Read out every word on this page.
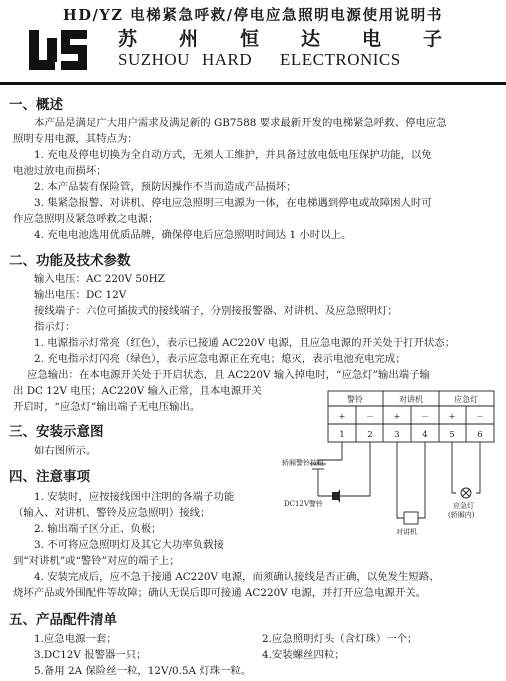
HD/YZ 电梯紧急呼救/停电应急照明电源使用说明书
苏州恒达电子
SUZHOU HARD ELECTRONICS
一、概述
本产品是满足广大用户需求及满足新的 GB7588 要求最新开发的电梯紧急呼救、停电应急
照明专用电源，其特点为：
1. 充电及停电切换为全自动方式，无须人工维护，并具备过放电低电压保护功能，以免
电池过放电而损坏；
2. 本产品装有保险管，预防因操作不当而造成产品损坏；
3. 集紧急报警、对讲机、停电应急照明三电源为一体，在电梯遇到停电或故障困人时可
作应急照明及紧急呼救之电源；
4. 充电电池选用优质品牌，确保停电后应急照明时间达 1 小时以上。
二、功能及技术参数
输入电压：AC 220V 50HZ
输出电压：DC 12V
接线端子：六位可插拔式的接线端子，分别接报警器、对讲机、及应急照明灯；
指示灯：
1. 电源指示灯常亮（红色），表示已接通 AC220V 电源，且应急电源的开关处于打开状态；
2. 充电指示灯闪亮（绿色），表示应急电源正在充电；熄灭，表示电池充电完成；
应急输出：在本电源开关处于开启状态，且 AC220V 输入掉电时，“应急灯”输出端子输
出 DC 12V 电压；AC220V 输入正常，且本电源开关
开启时，“应急灯”输出端子无电压输出。
三、安装示意图
如右图所示。
四、注意事项
1. 安装时，应按接线图中注明的各端子功能
（输入、对讲机、警铃及应急照明）接线；
2. 输出端子区分正、负极；
3. 不可将应急照明灯及其它大功率负载接
到“对讲机”或“警铃”对应的端子上；
4. 安装完成后，应不急于接通 AC220V 电源，而须确认接线是否正确，以免发生短路、
烧坏产品或外围配件等故障；确认无误后即可接通 AC220V 电源，并打开应急电源开关。
五、产品配件清单
1.应急电源一套；	2.应急照明灯头（含灯珠）一个；
3.DC12V 报警器一只；	4.安装螺丝四粒；
5.备用 2A 保险丝一粒，12V/0.5A 灯珠一粒。
警铃	对讲机	应急灯
+	－ +	－ +	－
1	2	3	4	5	6
轿厢警铃按钮
DC12V警铃
对讲机
应急灯
(轿厢内)
